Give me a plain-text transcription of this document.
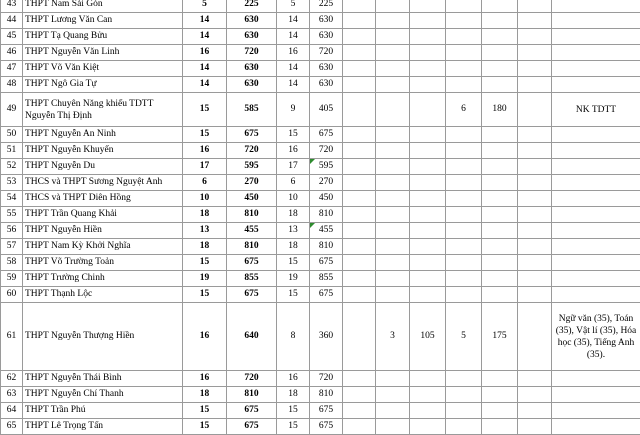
43	THPT Nam Sài Gòn	5	225	5	225							
44	THPT Lương Văn Can	14	630	14	630							
45	THPT Tạ Quang Bửu	14	630	14	630							
46	THPT Nguyễn Văn Linh	16	720	16	720							
47	THPT Võ Văn Kiệt	14	630	14	630							
48	THPT Ngô Gia Tự	14	630	14	630							
49	THPT Chuyên Năng khiếu TDTT Nguyễn Thị Định	15	585	9	405				6	180		NK TDTT
50	THPT Nguyễn An Ninh	15	675	15	675							
51	THPT Nguyễn Khuyến	16	720	16	720							
52	THPT Nguyễn Du	17	595	17	595

53	THCS và THPT Sương Nguyệt Anh	6	270	6	270							
54	THCS và THPT Diên Hồng	10	450	10	450							
55	THPT Trần Quang Khải	18	810	18	810							
56	THPT Nguyễn Hiền	13	455	13	455

57	THPT Nam Kỳ Khởi Nghĩa	18	810	18	810							
58	THPT Võ Trường Toản	15	675	15	675							
59	THPT Trường Chinh	19	855	19	855							
60	THPT Thạnh Lộc	15	675	15	675							
61	THPT Nguyễn Thượng Hiền	16	640	8	360		3	105	5	175		Ngữ văn (35), Toán (35), Vật lí (35), Hóa học (35), Tiếng Anh (35).
62	THPT Nguyễn Thái Bình	16	720	16	720							
63	THPT Nguyễn Chí Thanh	18	810	18	810							
64	THPT Trần Phú	15	675	15	675							
65	THPT Lê Trọng Tấn	15	675	15	675							
